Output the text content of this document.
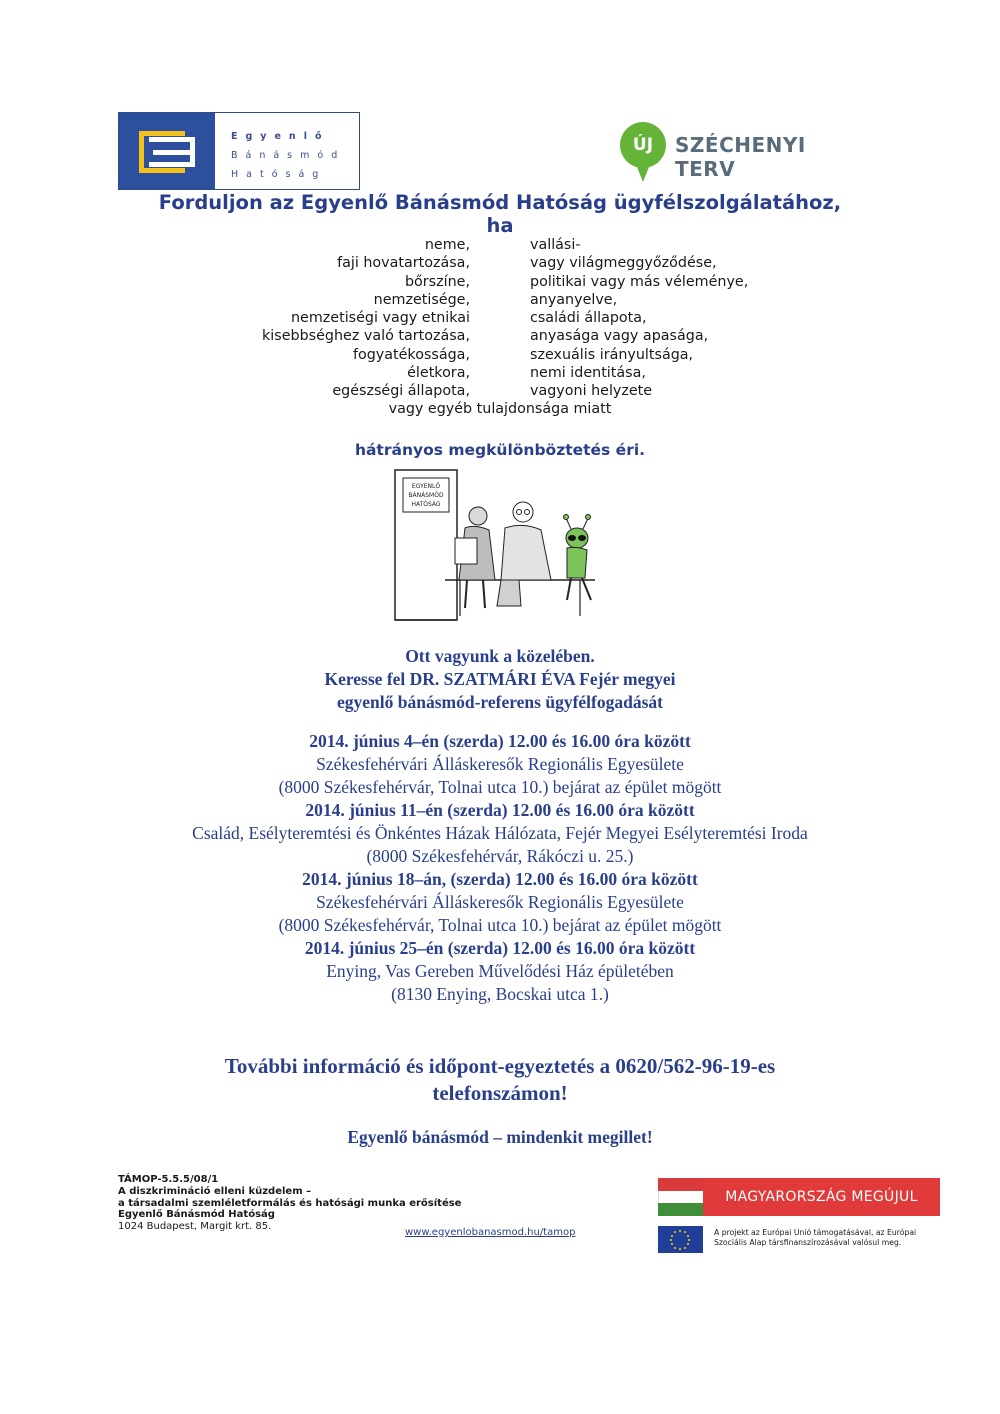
Egyenlő
Bánásmód
Hatóság
ÚJ	SZÉCHENYI TERV
Forduljon az Egyenlő Bánásmód Hatóság ügyfélszolgálatához,
ha
neme,
faji hovatartozása,
bőrszíne,
nemzetisége,
nemzetiségi vagy etnikai
kisebbséghez való tartozása,
fogyatékossága,
életkora,
egészségi állapota,
vallási-
vagy világmeggyőződése,
politikai vagy más véleménye,
anyanyelve,
családi állapota,
anyasága vagy apasága,
szexuális irányultsága,
nemi identitása,
vagyoni helyzete
vagy egyéb tulajdonsága miatt
hátrányos megkülönböztetés éri.
EGYENLŐ
BÁNÁSMÓD
HATÓSÁG
Ott vagyunk a közelében.
Keresse fel DR. SZATMÁRI ÉVA Fejér megyei
egyenlő bánásmód-referens ügyfélfogadását
2014. június 4–én (szerda) 12.00 és 16.00 óra között
Székesfehérvári Álláskeresők Regionális Egyesülete
(8000 Székesfehérvár, Tolnai utca 10.) bejárat az épület mögött
2014. június 11–én (szerda) 12.00 és 16.00 óra között
Család, Esélyteremtési és Önkéntes Házak Hálózata, Fejér Megyei Esélyteremtési Iroda
(8000 Székesfehérvár, Rákóczi u. 25.)
2014. június 18–án, (szerda) 12.00 és 16.00 óra között
Székesfehérvári Álláskeresők Regionális Egyesülete
(8000 Székesfehérvár, Tolnai utca 10.) bejárat az épület mögött
2014. június 25–én (szerda) 12.00 és 16.00 óra között
Enying, Vas Gereben Művelődési Ház épületében
(8130 Enying, Bocskai utca 1.)
További információ és időpont-egyeztetés a 0620/562-96-19-es
telefonszámon!
Egyenlő bánásmód – mindenkit megillet!
TÁMOP-5.5.5/08/1
A diszkrimináció elleni küzdelem –
a társadalmi szemléletformálás és hatósági munka erősítése
Egyenlő Bánásmód Hatóság
1024 Budapest, Margit krt. 85.
www.egyenlobanasmod.hu/tamop
MAGYARORSZÁG MEGÚJUL
A projekt az Európai Unió támogatásával, az Európai
Szociális Alap társfinanszírozásával valósul meg.
